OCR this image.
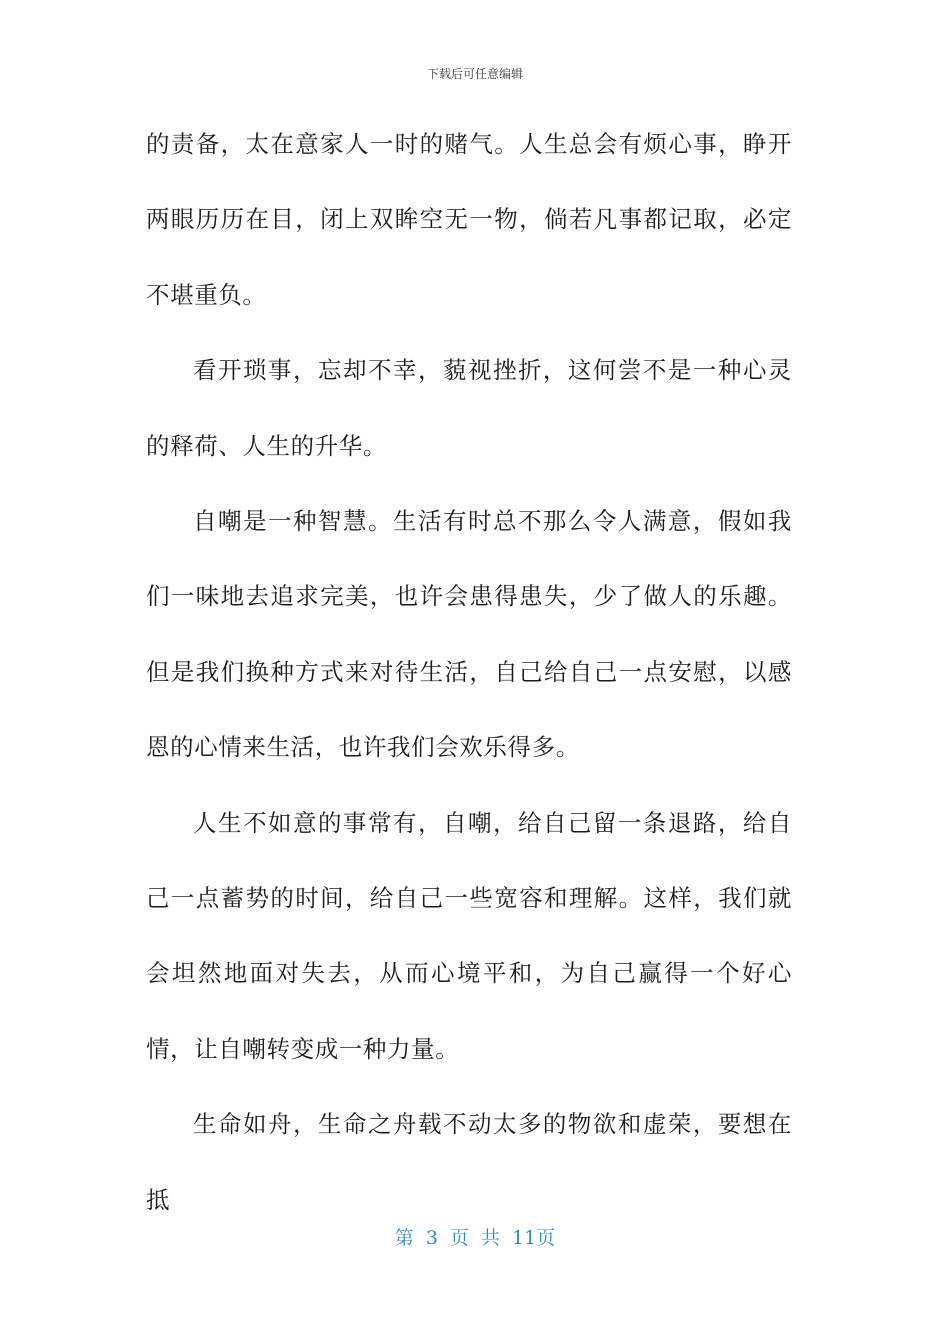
下载后可任意编辑

的责备，太在意家人一时的赌气。人生总会有烦心事，睁开两眼历历在目，闭上双眸空无一物，倘若凡事都记取，必定不堪重负。

看开琐事，忘却不幸，藐视挫折，这何尝不是一种心灵的释荷、人生的升华。

自嘲是一种智慧。生活有时总不那么令人满意，假如我们一味地去追求完美，也许会患得患失，少了做人的乐趣。但是我们换种方式来对待生活，自己给自己一点安慰，以感恩的心情来生活，也许我们会欢乐得多。

人生不如意的事常有，自嘲，给自己留一条退路，给自己一点蓄势的时间，给自己一些宽容和理解。这样，我们就会坦然地面对失去，从而心境平和，为自己赢得一个好心情，让自嘲转变成一种力量。

生命如舟，生命之舟载不动太多的物欲和虚荣，要想在抵

第 3 页 共 11页
